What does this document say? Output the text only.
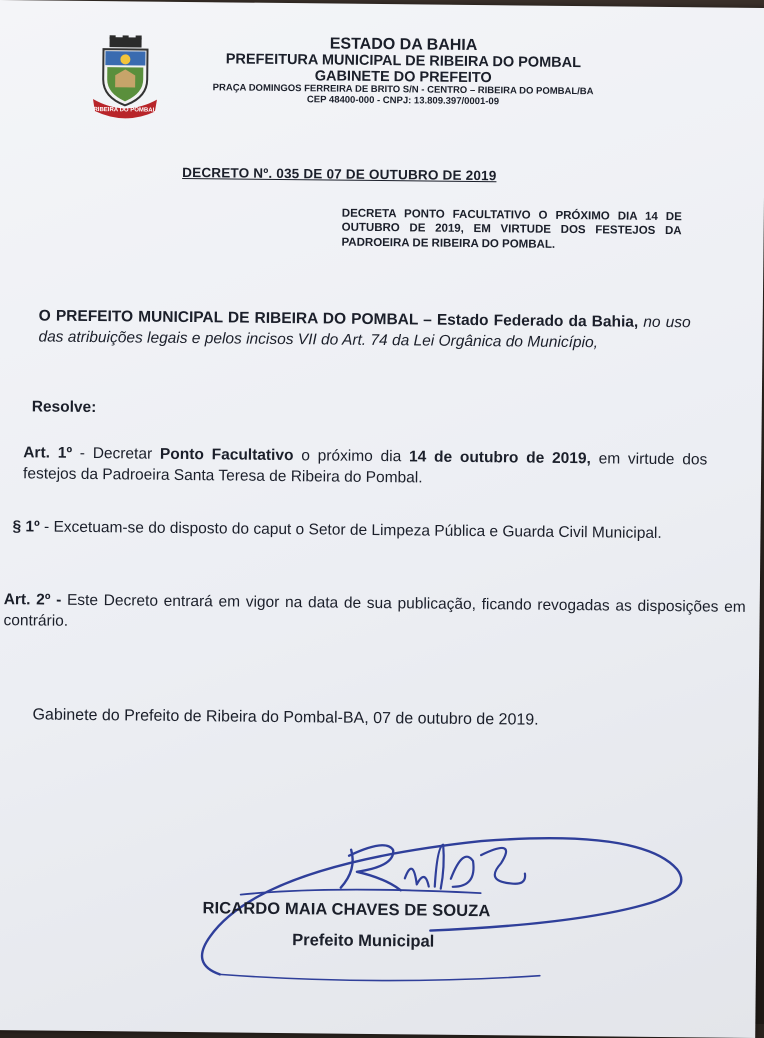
RIBEIRA DO POMBAL
ESTADO DA BAHIA
PREFEITURA MUNICIPAL DE RIBEIRA DO POMBAL
GABINETE DO PREFEITO
PRAÇA DOMINGOS FERREIRA DE BRITO S/N - CENTRO – RIBEIRA DO POMBAL/BA
CEP 48400-000 - CNPJ: 13.809.397/0001-09
DECRETO Nº. 035 DE 07 DE OUTUBRO DE 2019
DECRETA PONTO FACULTATIVO O PRÓXIMO DIA 14 DE OUTUBRO DE 2019, EM VIRTUDE DOS FESTEJOS DA PADROEIRA DE RIBEIRA DO POMBAL.
O PREFEITO MUNICIPAL DE RIBEIRA DO POMBAL – Estado Federado da Bahia, no uso das atribuições legais e pelos incisos VII do Art. 74 da Lei Orgânica do Município,
Resolve:
Art. 1º - Decretar Ponto Facultativo o próximo dia 14 de outubro de 2019, em virtude dos festejos da Padroeira Santa Teresa de Ribeira do Pombal.
§ 1º - Excetuam-se do disposto do caput o Setor de Limpeza Pública e Guarda Civil Municipal.
Art. 2º - Este Decreto entrará em vigor na data de sua publicação, ficando revogadas as disposições em contrário.
Gabinete do Prefeito de Ribeira do Pombal-BA, 07 de outubro de 2019.
RICARDO MAIA CHAVES DE SOUZA
Prefeito Municipal
